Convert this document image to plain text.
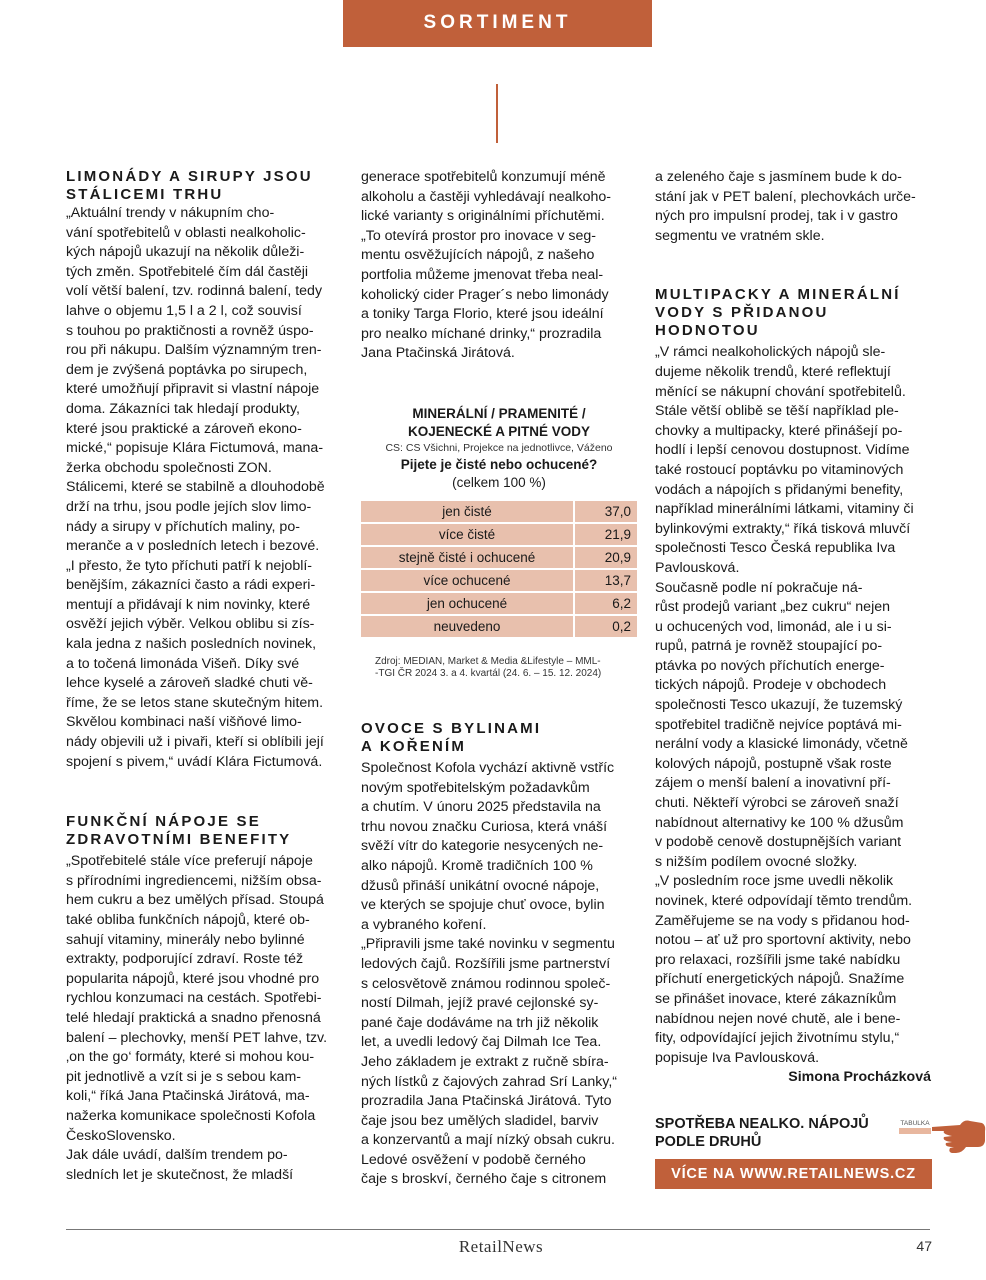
SORTIMENT
LIMONÁDY A SIRUPY JSOU
STÁLICEMI TRHU

„Aktuální trendy v nákupním cho-
vání spotřebitelů v oblasti nealkoholic-
kých nápojů ukazují na několik důleži-
tých změn. Spotřebitelé čím dál častěji
volí větší balení, tzv. rodinná balení, tedy
lahve o objemu 1,5 l a 2 l, což souvisí
s touhou po praktičnosti a rovněž úspo-
rou při nákupu. Dalším významným tren-
dem je zvýšená poptávka po sirupech,
které umožňují připravit si vlastní nápoje
doma. Zákazníci tak hledají produkty,
které jsou praktické a zároveň ekono-
mické,“ popisuje Klára Fictumová, mana-
žerka obchodu společnosti ZON.
Stálicemi, které se stabilně a dlouhodobě
drží na trhu, jsou podle jejích slov limo-
nády a sirupy v příchutích maliny, po-
meranče a v posledních letech i bezové.
„I přesto, že tyto příchuti patří k nejoblí-
benějším, zákazníci často a rádi experi-
mentují a přidávají k nim novinky, které
osvěží jejich výběr. Velkou oblibu si zís-
kala jedna z našich posledních novinek,
a to točená limonáda Višeň. Díky své
lehce kyselé a zároveň sladké chuti vě-
říme, že se letos stane skutečným hitem.
Skvělou kombinaci naší višňové limo-
nády objevili už i pivaři, kteří si oblíbili její
spojení s pivem,“ uvádí Klára Fictumová.

FUNKČNÍ NÁPOJE SE
ZDRAVOTNÍMI BENEFITY

„Spotřebitelé stále více preferují nápoje
s přírodními ingrediencemi, nižším obsa-
hem cukru a bez umělých přísad. Stoupá
také obliba funkčních nápojů, které ob-
sahují vitaminy, minerály nebo bylinné
extrakty, podporující zdraví. Roste též
popularita nápojů, které jsou vhodné pro
rychlou konzumaci na cestách. Spotřebi-
telé hledají praktická a snadno přenosná
balení – plechovky, menší PET lahve, tzv.
‚on the go‘ formáty, které si mohou kou-
pit jednotlivě a vzít si je s sebou kam-
koli,“ říká Jana Ptačinská Jirátová, ma-
nažerka komunikace společnosti Kofola
ČeskoSlovensko.
Jak dále uvádí, dalším trendem po-
sledních let je skutečnost, že mladší

generace spotřebitelů konzumují méně
alkoholu a častěji vyhledávají nealkoho-
lické varianty s originálními příchutěmi.
„To otevírá prostor pro inovace v seg-
mentu osvěžujících nápojů, z našeho
portfolia můžeme jmenovat třeba neal-
koholický cider Prager´s nebo limonády
a toniky Targa Florio, které jsou ideální
pro nealko míchané drinky,“ prozradila
Jana Ptačinská Jirátová.

MINERÁLNÍ / PRAMENITÉ /
KOJENECKÉ A PITNÉ VODY
CS: CS Všichni, Projekce na jednotlivce, Váženo
Pijete je čisté nebo ochucené?
(celkem 100 %)
jen čisté	37,0
více čisté	21,9
stejně čisté i ochucené	20,9
více ochucené	13,7
jen ochucené	6,2
neuvedeno	0,2
Zdroj: MEDIAN, Market & Media &Lifestyle – MML-
-TGI ČR 2024 3. a 4. kvartál (24. 6. – 15. 12. 2024)
OVOCE S BYLINAMI
A KOŘENÍM

Společnost Kofola vychází aktivně vstříc
novým spotřebitelským požadavkům
a chutím. V únoru 2025 představila na
trhu novou značku Curiosa, která vnáší
svěží vítr do kategorie nesycených ne-
alko nápojů. Kromě tradičních 100 %
džusů přináší unikátní ovocné nápoje,
ve kterých se spojuje chuť ovoce, bylin
a vybraného koření.
„Připravili jsme také novinku v segmentu
ledových čajů. Rozšířili jsme partnerství
s celosvětově známou rodinnou společ-
ností Dilmah, jejíž pravé cejlonské sy-
pané čaje dodáváme na trh již několik
let, a uvedli ledový čaj Dilmah Ice Tea.
Jeho základem je extrakt z ručně sbíra-
ných lístků z čajových zahrad Srí Lanky,“
prozradila Jana Ptačinská Jirátová. Tyto
čaje jsou bez umělých sladidel, barviv
a konzervantů a mají nízký obsah cukru.
Ledové osvěžení v podobě černého
čaje s broskví, černého čaje s citronem

a zeleného čaje s jasmínem bude k do-
stání jak v PET balení, plechovkách urče-
ných pro impulsní prodej, tak i v gastro
segmentu ve vratném skle.

MULTIPACKY A MINERÁLNÍ
VODY S PŘIDANOU
HODNOTOU

„V rámci nealkoholických nápojů sle-
dujeme několik trendů, které reflektují
měnící se nákupní chování spotřebitelů.
Stále větší oblibě se těší například ple-
chovky a multipacky, které přinášejí po-
hodlí i lepší cenovou dostupnost. Vidíme
také rostoucí poptávku po vitaminových
vodách a nápojích s přidanými benefity,
například minerálními látkami, vitaminy či
bylinkovými extrakty,“ říká tisková mluvčí
společnosti Tesco Česká republika Iva
Pavlousková.
Současně podle ní pokračuje ná-
růst prodejů variant „bez cukru“ nejen
u ochucených vod, limonád, ale i u si-
rupů, patrná je rovněž stoupající po-
ptávka po nových příchutích energe-
tických nápojů. Prodeje v obchodech
společnosti Tesco ukazují, že tuzemský
spotřebitel tradičně nejvíce poptává mi-
nerální vody a klasické limonády, včetně
kolových nápojů, postupně však roste
zájem o menší balení a inovativní pří-
chuti. Někteří výrobci se zároveň snaží
nabídnout alternativy ke 100 % džusům
v podobě cenově dostupnějších variant
s nižším podílem ovocné složky.
„V posledním roce jsme uvedli několik
novinek, které odpovídají těmto trendům.
Zaměřujeme se na vody s přidanou hod-
notou – ať už pro sportovní aktivity, nebo
pro relaxaci, rozšířili jsme také nabídku
příchutí energetických nápojů. Snažíme
se přinášet inovace, které zákazníkům
nabídnou nejen nové chutě, ale i bene-
fity, odpovídající jejich životnímu stylu,“
popisuje Iva Pavlousková.

Simona Procházková

SPOTŘEBA NEALKO. NÁPOJŮ
PODLE DRUHŮ
TABULKA
VÍCE NA WWW.RETAILNEWS.CZ
RetailNews	47
